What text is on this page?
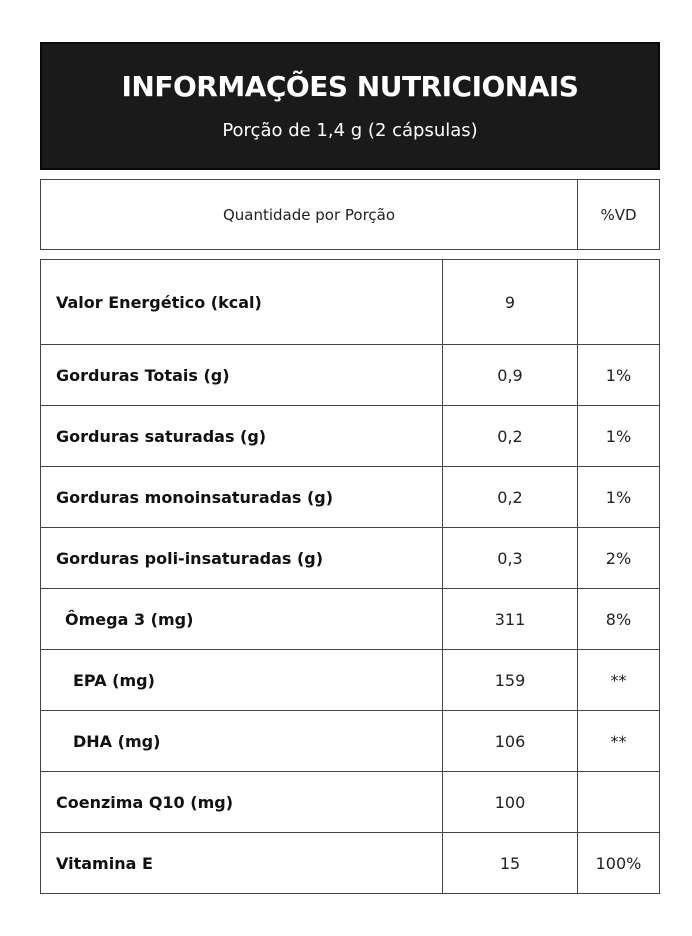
INFORMAÇÕES NUTRICIONAIS
Porção de 1,4 g (2 cápsulas)
Quantidade por Porção	%VD
Valor Energético (kcal)	9
Gorduras Totais (g)	0,9	1%
Gorduras saturadas (g)	0,2	1%
Gorduras monoinsaturadas (g)	0,2	1%
Gorduras poli-insaturadas (g)	0,3	2%
Ômega 3 (mg)	311	8%
EPA (mg)	159	**
DHA (mg)	106	**
Coenzima Q10 (mg)	100
Vitamina E	15	100%
